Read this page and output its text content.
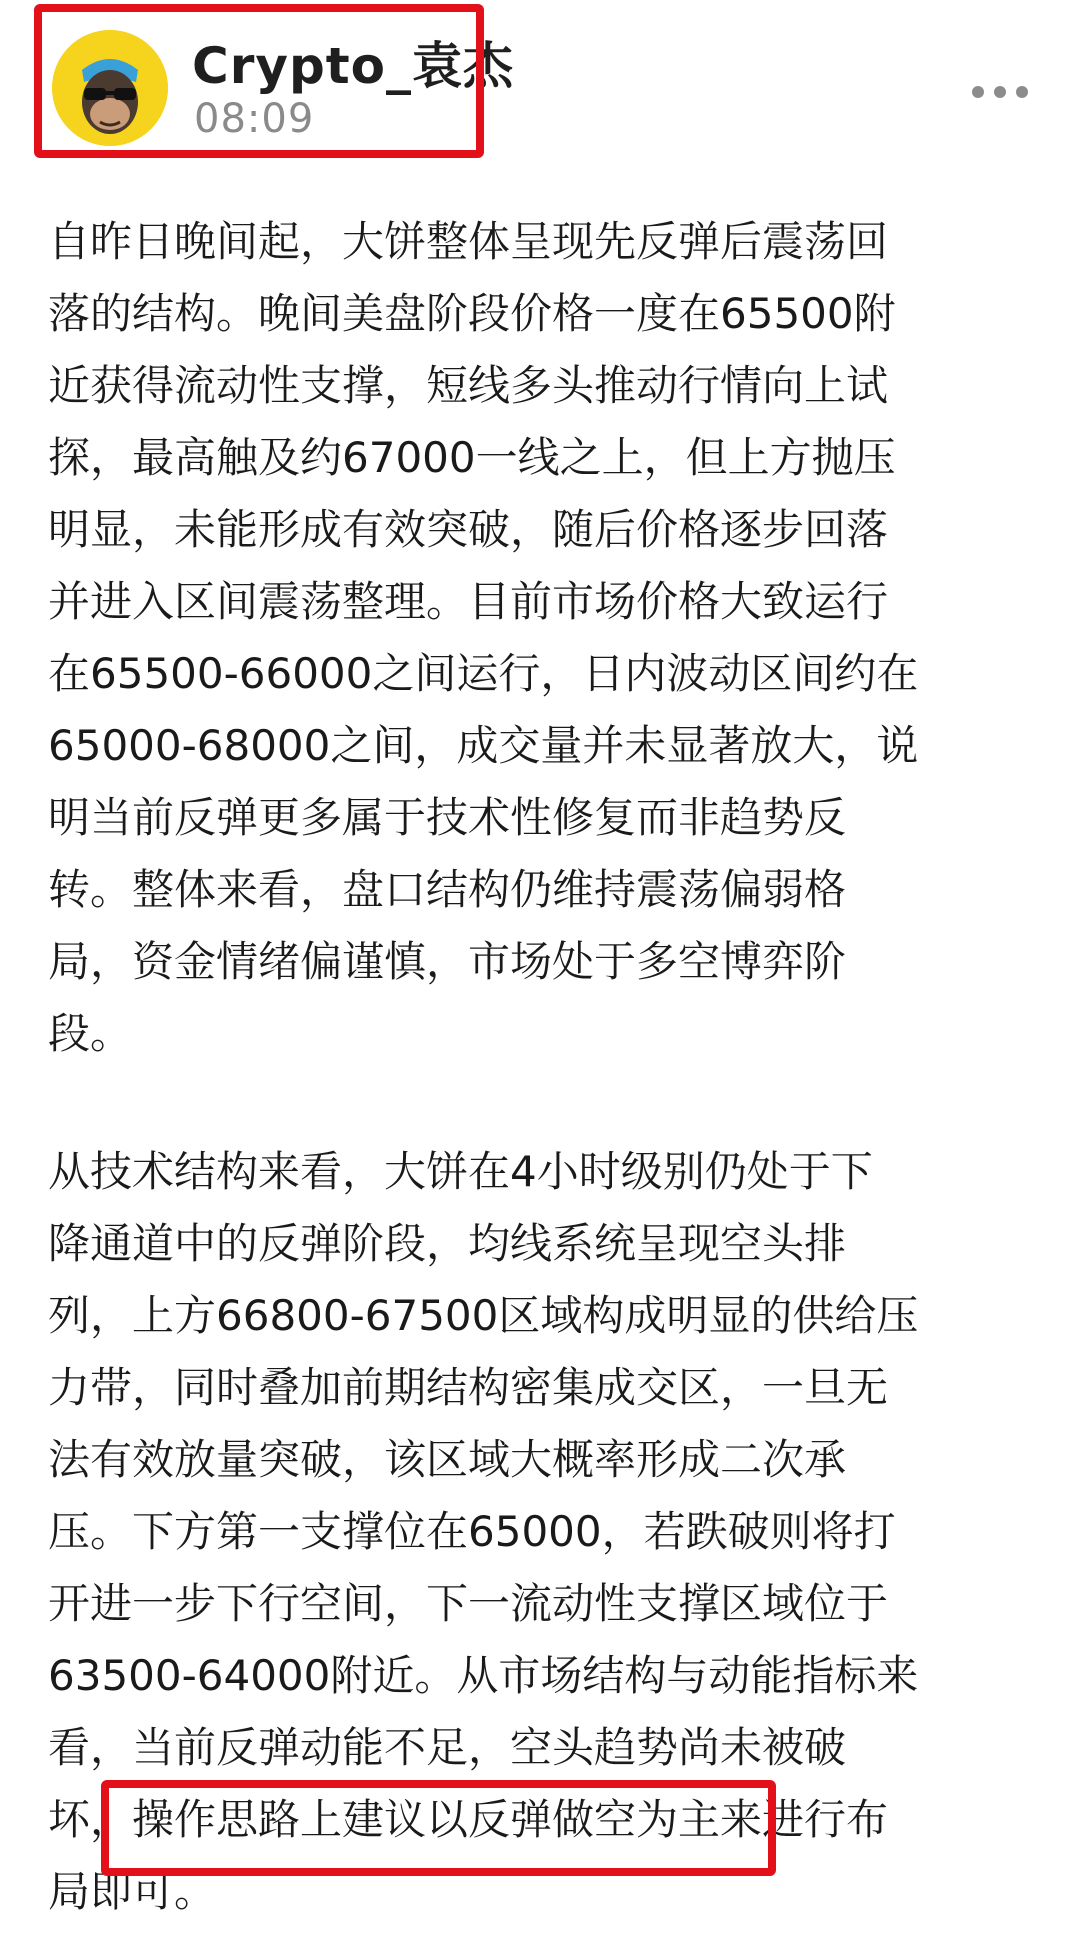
Crypto_袁杰
08:09
自昨日晚间起，大饼整体呈现先反弹后震荡回
落的结构。晚间美盘阶段价格一度在65500附
近获得流动性支撑，短线多头推动行情向上试
探，最高触及约67000一线之上，但上方抛压
明显，未能形成有效突破，随后价格逐步回落
并进入区间震荡整理。目前市场价格大致运行
在65500-66000之间运行，日内波动区间约在
65000-68000之间，成交量并未显著放大，说
明当前反弹更多属于技术性修复而非趋势反
转。整体来看，盘口结构仍维持震荡偏弱格
局，资金情绪偏谨慎，市场处于多空博弈阶
段。
从技术结构来看，大饼在4小时级别仍处于下
降通道中的反弹阶段，均线系统呈现空头排
列，上方66800-67500区域构成明显的供给压
力带，同时叠加前期结构密集成交区，一旦无
法有效放量突破，该区域大概率形成二次承
压。下方第一支撑位在65000，若跌破则将打
开进一步下行空间，下一流动性支撑区域位于
63500-64000附近。从市场结构与动能指标来
看，当前反弹动能不足，空头趋势尚未被破
坏，操作思路上建议以反弹做空为主来进行布
局即可。
